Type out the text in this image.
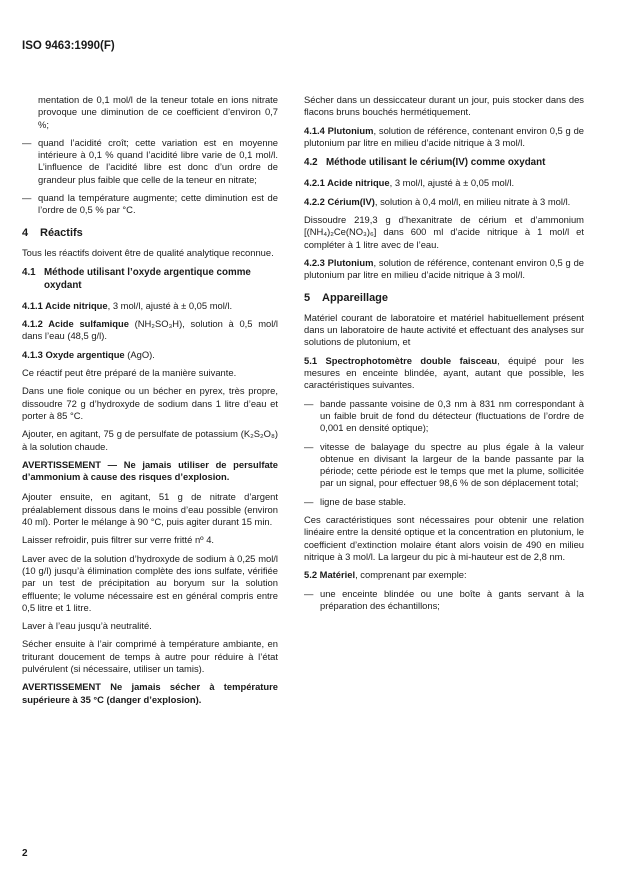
ISO 9463:1990(F)

mentation de 0,1 mol/l de la teneur totale en ions nitrate provoque une diminution de ce coefficient d’environ 0,7 %;

— quand l’acidité croît; cette variation est en moyenne intérieure à 0,1 % quand l’acidité libre varie de 0,1 mol/l. L’influence de l’acidité libre est donc d’un ordre de grandeur plus faible que celle de la teneur en nitrate;
— quand la température augmente; cette diminution est de l’ordre de 0,5 % par °C.
4	Réactifs

Tous les réactifs doivent être de qualité analytique reconnue.

4.1 Méthode utilisant l’oxyde argentique comme oxydant

4.1.1 Acide nitrique, 3 mol/l, ajusté à ± 0,05 mol/l.

4.1.2 Acide sulfamique (NH₂SO₃H), solution à 0,5 mol/l dans l’eau (48,5 g/l).

4.1.3 Oxyde argentique (AgO).

Ce réactif peut être préparé de la manière suivante.

Dans une fiole conique ou un bécher en pyrex, très propre, dissoudre 72 g d’hydroxyde de sodium dans 1 litre d’eau et porter à 85 °C.

Ajouter, en agitant, 75 g de persulfate de potassium (K₂S₂O₈) à la solution chaude.

AVERTISSEMENT — Ne jamais utiliser de persulfate d’ammonium à cause des risques d’explosion.

Ajouter ensuite, en agitant, 51 g de nitrate d’argent préalablement dissous dans le moins d’eau possible (environ 40 ml). Porter le mélange à 90 °C, puis agiter durant 15 min.

Laisser refroidir, puis filtrer sur verre fritté nº 4.

Laver avec de la solution d’hydroxyde de sodium à 0,25 mol/l (10 g/l) jusqu’à élimination complète des ions sulfate, vérifiée par un test de précipitation au boryum sur la solution effluente; le volume nécessaire est en général compris entre 0,5 litre et 1 litre.

Laver à l’eau jusqu’à neutralité.

Sécher ensuite à l’air comprimé à température ambiante, en triturant doucement de temps à autre pour réduire à l’état pulvérulent (si nécessaire, utiliser un tamis).

AVERTISSEMENT Ne jamais sécher à température supérieure à 35 °C (danger d’explosion).

Sécher dans un dessiccateur durant un jour, puis stocker dans des flacons bruns bouchés hermétiquement.

4.1.4 Plutonium, solution de référence, contenant environ 0,5 g de plutonium par litre en milieu d’acide nitrique à 3 mol/l.

4.2 Méthode utilisant le cérium(IV) comme oxydant

4.2.1 Acide nitrique, 3 mol/l, ajusté à ± 0,05 mol/l.

4.2.2 Cérium(IV), solution à 0,4 mol/l, en milieu nitrate à 3 mol/l.

Dissoudre 219,3 g d’hexanitrate de cérium et d’ammonium [(NH₄)₂Ce(NO₃)₆] dans 600 ml d’acide nitrique à 1 mol/l et compléter à 1 litre avec de l’eau.

4.2.3 Plutonium, solution de référence, contenant environ 0,5 g de plutonium par litre en milieu d’acide nitrique à 3 mol/l.

5	Appareillage

Matériel courant de laboratoire et matériel habituellement présent dans un laboratoire de haute activité et effectuant des analyses sur solutions de plutonium, et

5.1 Spectrophotomètre double faisceau, équipé pour les mesures en enceinte blindée, ayant, autant que possible, les caractéristiques suivantes.

— bande passante voisine de 0,3 nm à 831 nm correspondant à un faible bruit de fond du détecteur (fluctuations de l’ordre de 0,001 en densité optique);
— vitesse de balayage du spectre au plus égale à la valeur obtenue en divisant la largeur de la bande passante par la période; cette période est le temps que met la plume, sollicitée par un signal, pour effectuer 98,6 % de son déplacement total;
— ligne de base stable.

Ces caractéristiques sont nécessaires pour obtenir une relation linéaire entre la densité optique et la concentration en plutonium, le coefficient d’extinction molaire étant alors voisin de 490 en milieu nitrique à 3 mol/l. La largeur du pic à mi-hauteur est de 2,8 nm.

5.2 Matériel, comprenant par exemple:

— une enceinte blindée ou une boîte à gants servant à la préparation des échantillons;
2
